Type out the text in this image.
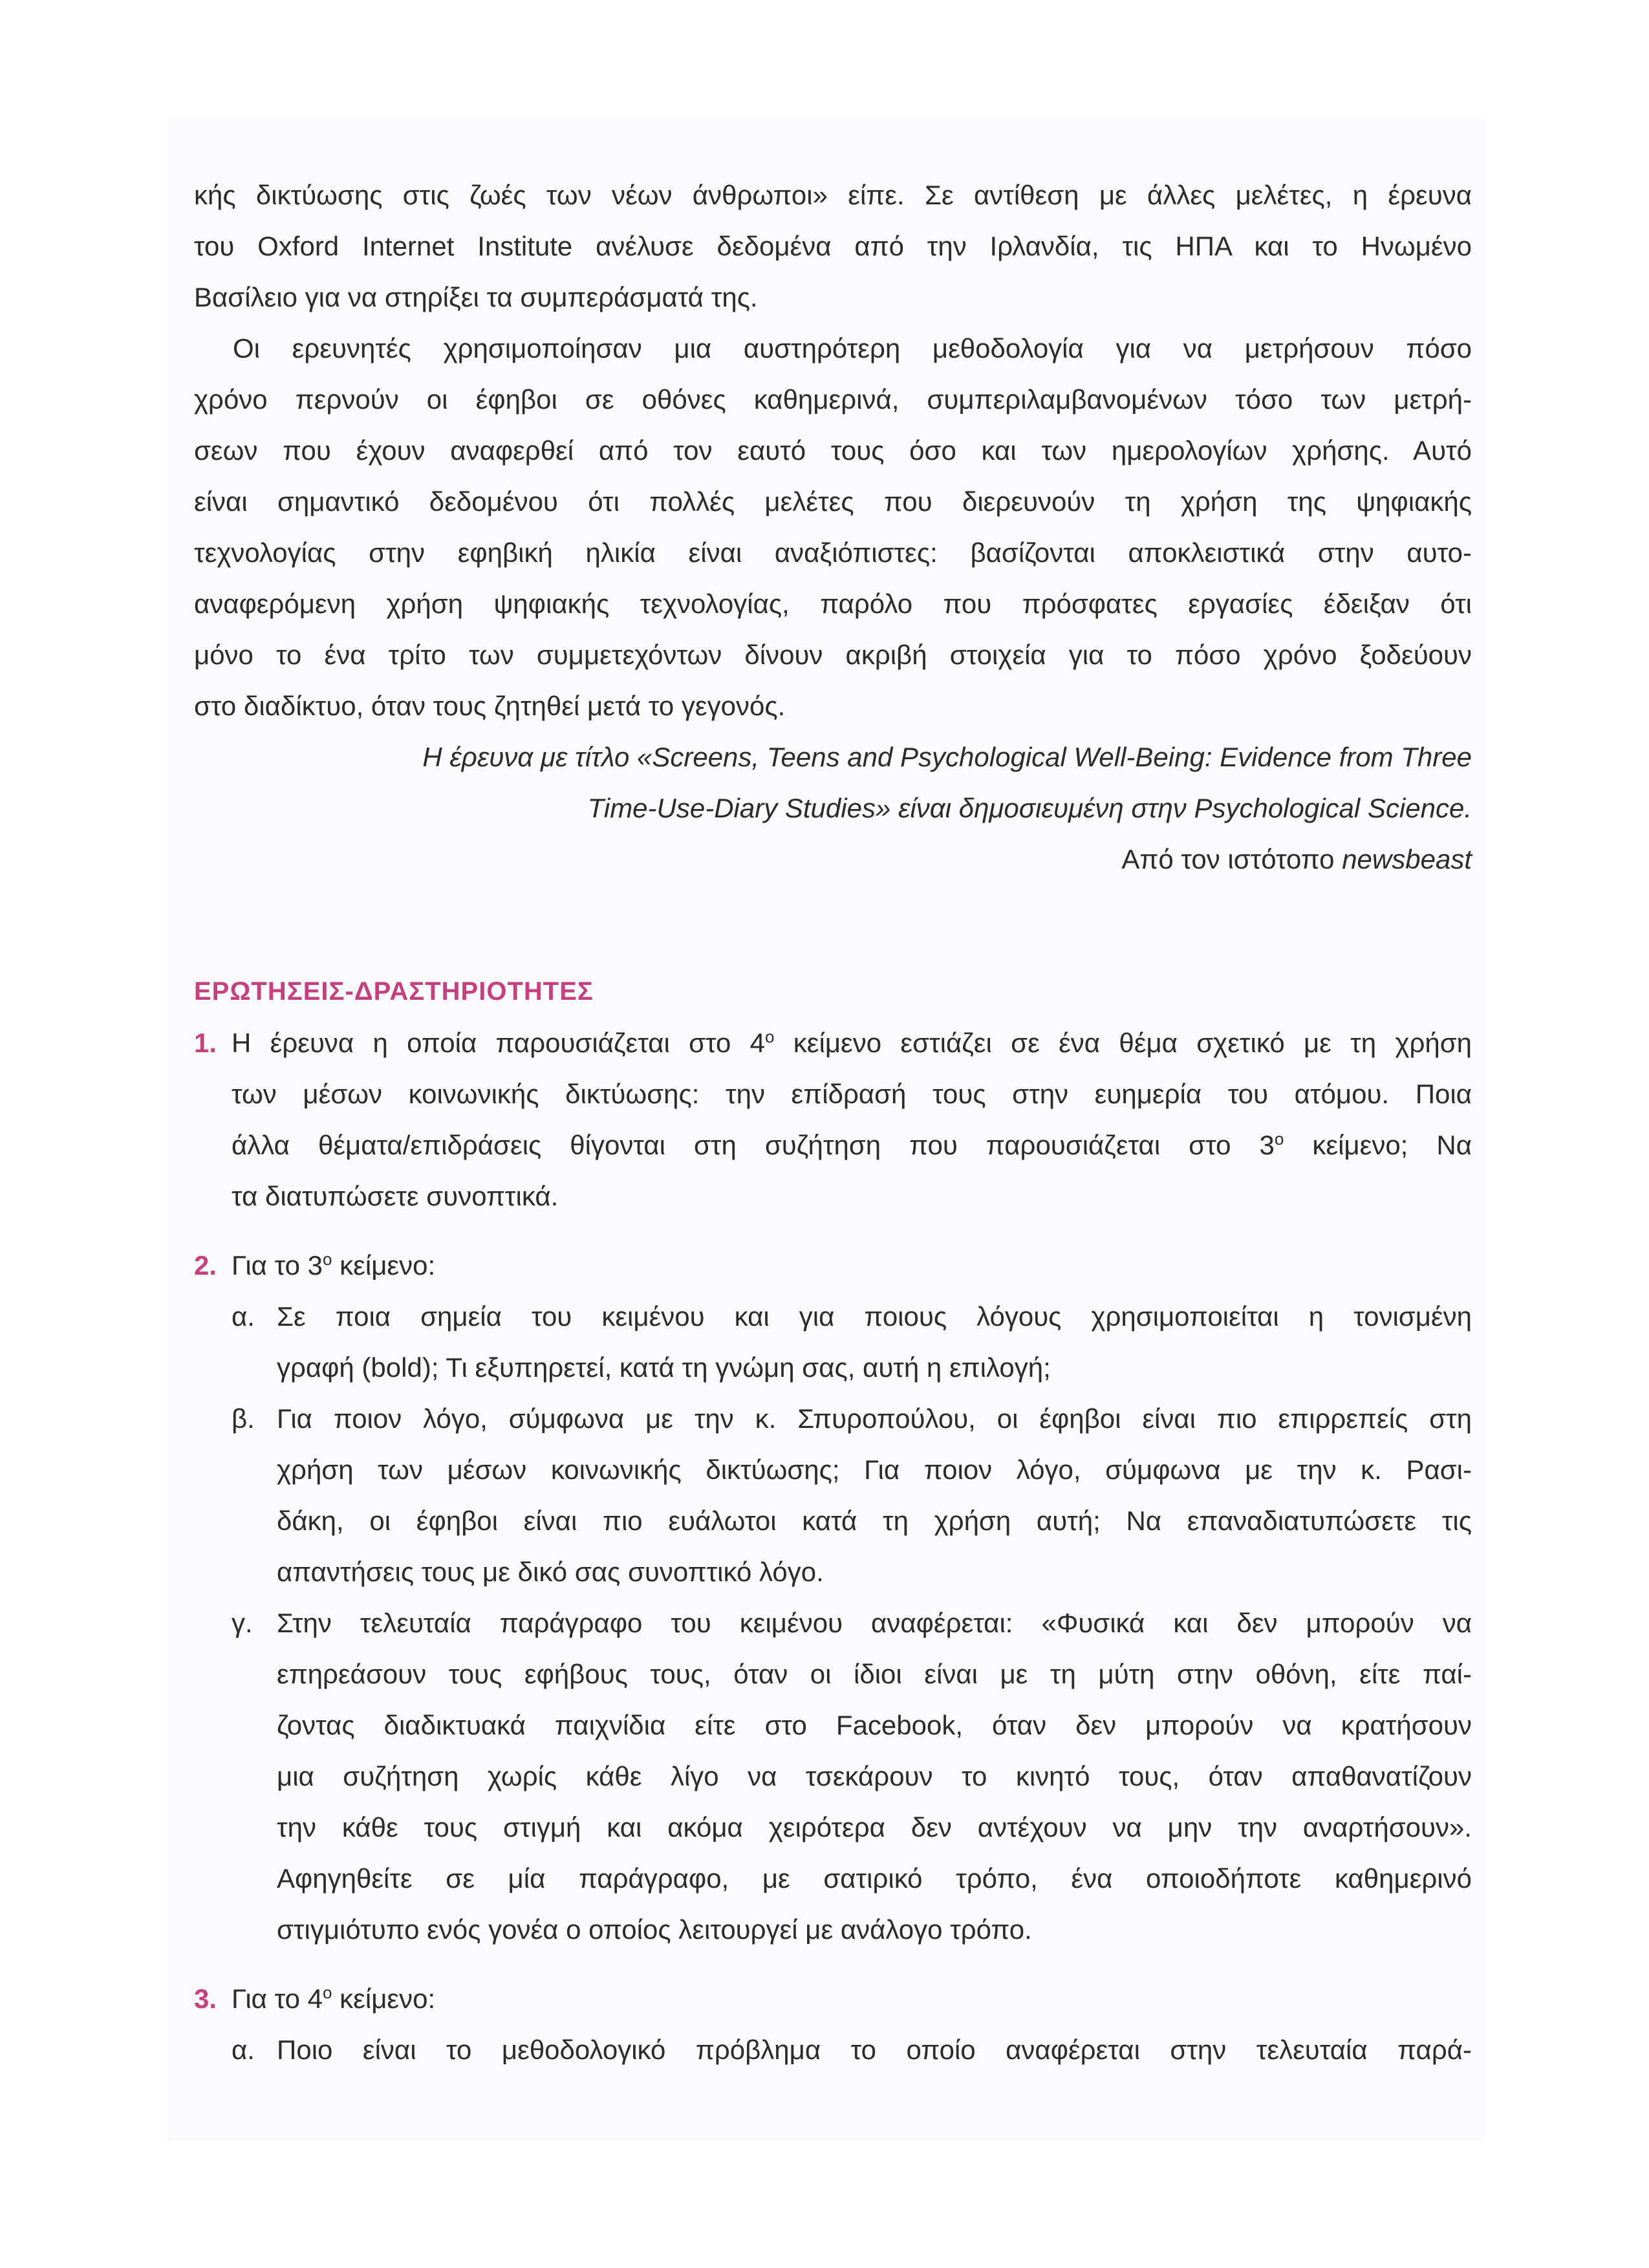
κής δικτύωσης στις ζωές των νέων άνθρωποι» είπε. Σε αντίθεση με άλλες μελέτες, η έρευνα
του Oxford Internet Institute ανέλυσε δεδομένα από την Ιρλανδία, τις ΗΠΑ και το Ηνωμένο
Βασίλειο για να στηρίξει τα συμπεράσματά της.
Οι ερευνητές χρησιμοποίησαν μια αυστηρότερη μεθοδολογία για να μετρήσουν πόσο
χρόνο περνούν οι έφηβοι σε οθόνες καθημερινά, συμπεριλαμβανομένων τόσο των μετρή-
σεων που έχουν αναφερθεί από τον εαυτό τους όσο και των ημερολογίων χρήσης. Αυτό
είναι σημαντικό δεδομένου ότι πολλές μελέτες που διερευνούν τη χρήση της ψηφιακής
τεχνολογίας στην εφηβική ηλικία είναι αναξιόπιστες: βασίζονται αποκλειστικά στην αυτο-
αναφερόμενη χρήση ψηφιακής τεχνολογίας, παρόλο που πρόσφατες εργασίες έδειξαν ότι
μόνο το ένα τρίτο των συμμετεχόντων δίνουν ακριβή στοιχεία για το πόσο χρόνο ξοδεύουν
στο διαδίκτυο, όταν τους ζητηθεί μετά το γεγονός.
Η έρευνα με τίτλο «Screens, Teens and Psychological Well-Being: Evidence from Three
Time-Use-Diary Studies» είναι δημοσιευμένη στην Psychological Science.
Από τον ιστότοπο newsbeast
ΕΡΩΤΗΣΕΙΣ-ΔΡΑΣΤΗΡΙΟΤΗΤΕΣ
1. Η έρευνα η οποία παρουσιάζεται στο $4^o$ κείμενο εστιάζει σε ένα θέμα σχετικό με τη χρήση
των μέσων κοινωνικής δικτύωσης: την επίδρασή τους στην ευημερία του ατόμου. Ποια
άλλα θέματα/επιδράσεις θίγονται στη συζήτηση που παρουσιάζεται στο $3^o$ κείμενο; Να
τα διατυπώσετε συνοπτικά.
2. Για το $3^o$ κείμενο:
α. Σε ποια σημεία του κειμένου και για ποιους λόγους χρησιμοποιείται η τονισμένη
γραφή (bold); Τι εξυπηρετεί, κατά τη γνώμη σας, αυτή η επιλογή;
β. Για ποιον λόγο, σύμφωνα με την κ. Σπυροπούλου, οι έφηβοι είναι πιο επιρρεπείς στη
χρήση των μέσων κοινωνικής δικτύωσης; Για ποιον λόγο, σύμφωνα με την κ. Ρασι-
δάκη, οι έφηβοι είναι πιο ευάλωτοι κατά τη χρήση αυτή; Να επαναδιατυπώσετε τις
απαντήσεις τους με δικό σας συνοπτικό λόγο.
γ. Στην τελευταία παράγραφο του κειμένου αναφέρεται: «Φυσικά και δεν μπορούν να
επηρεάσουν τους εφήβους τους, όταν οι ίδιοι είναι με τη μύτη στην οθόνη, είτε παί-
ζοντας διαδικτυακά παιχνίδια είτε στο Facebook, όταν δεν μπορούν να κρατήσουν
μια συζήτηση χωρίς κάθε λίγο να τσεκάρουν το κινητό τους, όταν απαθανατίζουν
την κάθε τους στιγμή και ακόμα χειρότερα δεν αντέχουν να μην την αναρτήσουν».
Αφηγηθείτε σε μία παράγραφο, με σατιρικό τρόπο, ένα οποιοδήποτε καθημερινό
στιγμιότυπο ενός γονέα ο οποίος λειτουργεί με ανάλογο τρόπο.
3. Για το $4^o$ κείμενο:
α. Ποιο είναι το μεθοδολογικό πρόβλημα το οποίο αναφέρεται στην τελευταία παρά-
